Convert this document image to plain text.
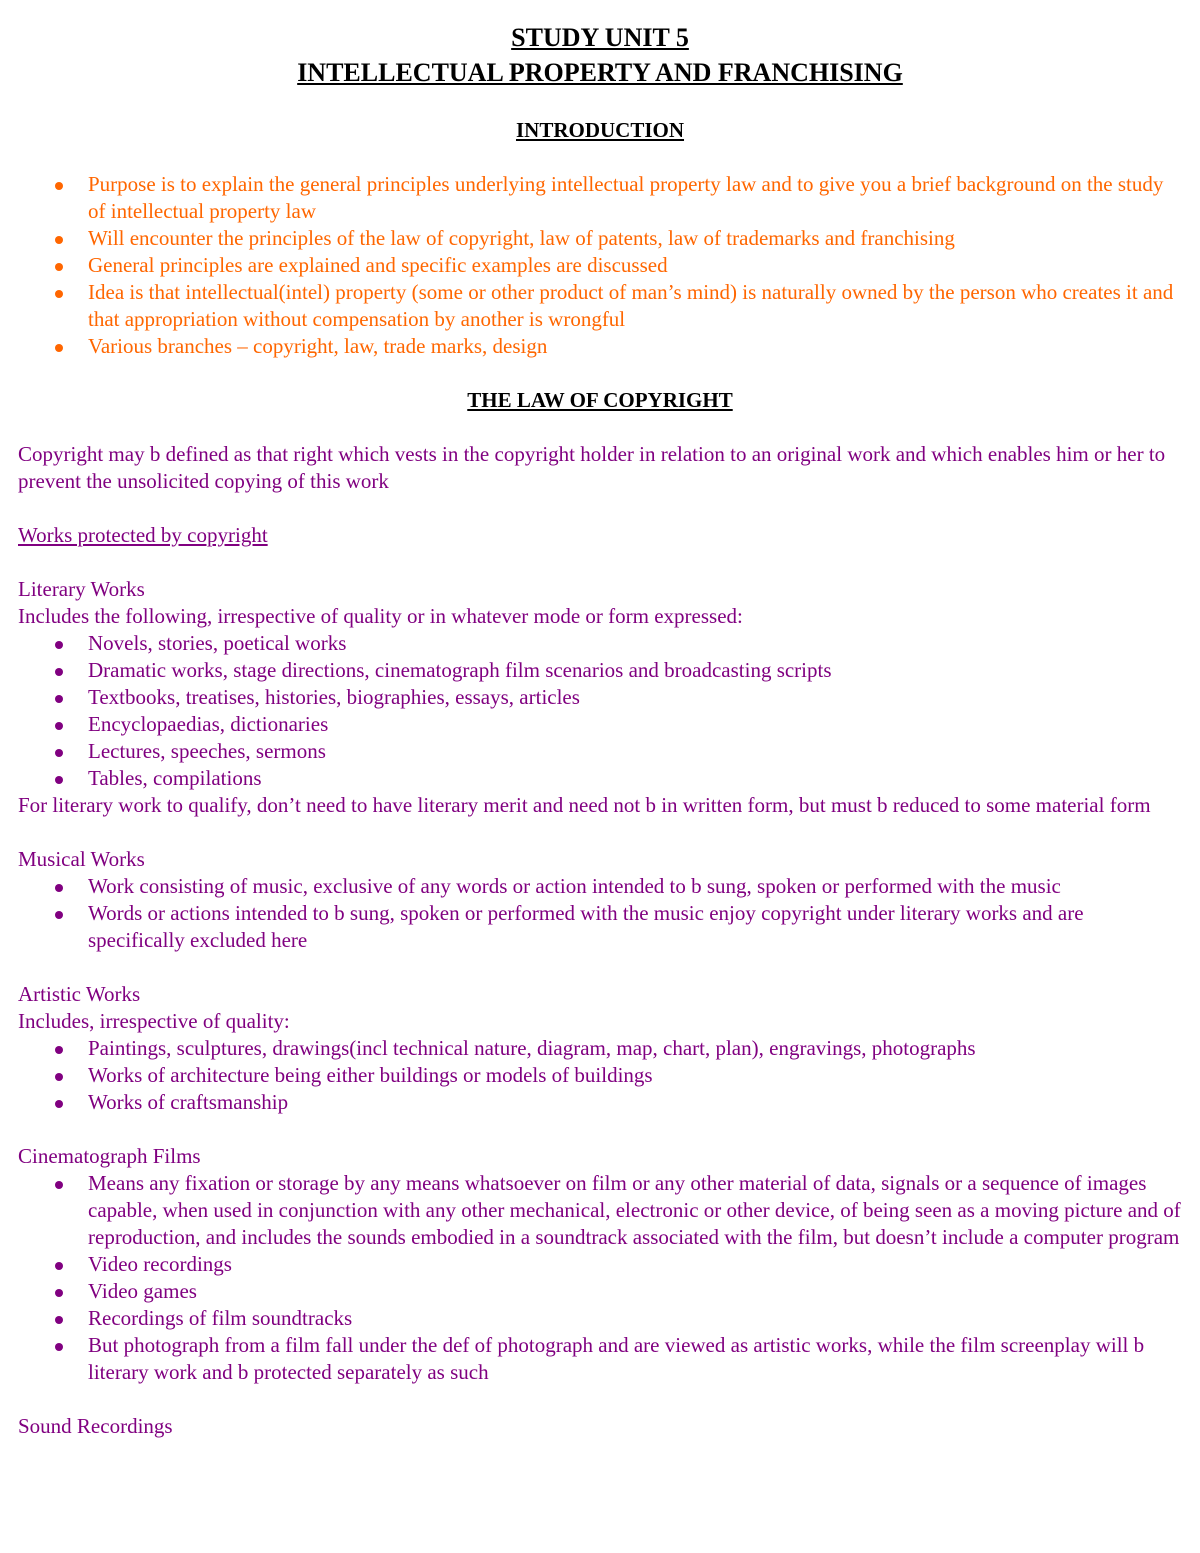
STUDY UNIT 5

INTELLECTUAL PROPERTY AND FRANCHISING

INTRODUCTION

Purpose is to explain the general principles underlying intellectual property law and to give you a brief background on the study of intellectual property law
Will encounter the principles of the law of copyright, law of patents, law of trademarks and franchising
General principles are explained and specific examples are discussed
Idea is that intellectual(intel) property (some or other product of man’s mind) is naturally owned by the person who creates it and that appropriation without compensation by another is wrongful
Various branches – copyright, law, trade marks, design

THE LAW OF COPYRIGHT

Copyright may b defined as that right which vests in the copyright holder in relation to an original work and which enables him or her to prevent the unsolicited copying of this work

Works protected by copyright

Literary Works

Includes the following, irrespective of quality or in whatever mode or form expressed:

Novels, stories, poetical works
Dramatic works, stage directions, cinematograph film scenarios and broadcasting scripts
Textbooks, treatises, histories, biographies, essays, articles
Encyclopaedias, dictionaries
Lectures, speeches, sermons
Tables, compilations

For literary work to qualify, don’t need to have literary merit and need not b in written form, but must b reduced to some material form

Musical Works

Work consisting of music, exclusive of any words or action intended to b sung, spoken or performed with the music
Words or actions intended to b sung, spoken or performed with the music enjoy copyright under literary works and are specifically excluded here

Artistic Works

Includes, irrespective of quality:

Paintings, sculptures, drawings(incl technical nature, diagram, map, chart, plan), engravings, photographs
Works of architecture being either buildings or models of buildings
Works of craftsmanship

Cinematograph Films

Means any fixation or storage by any means whatsoever on film or any other material of data, signals or a sequence of images capable, when used in conjunction with any other mechanical, electronic or other device, of being seen as a moving picture and of reproduction, and includes the sounds embodied in a soundtrack associated with the film, but doesn’t include a computer program
Video recordings
Video games
Recordings of film soundtracks
But photograph from a film fall under the def of photograph and are viewed as artistic works, while the film screenplay will b literary work and b protected separately as such

Sound Recordings
